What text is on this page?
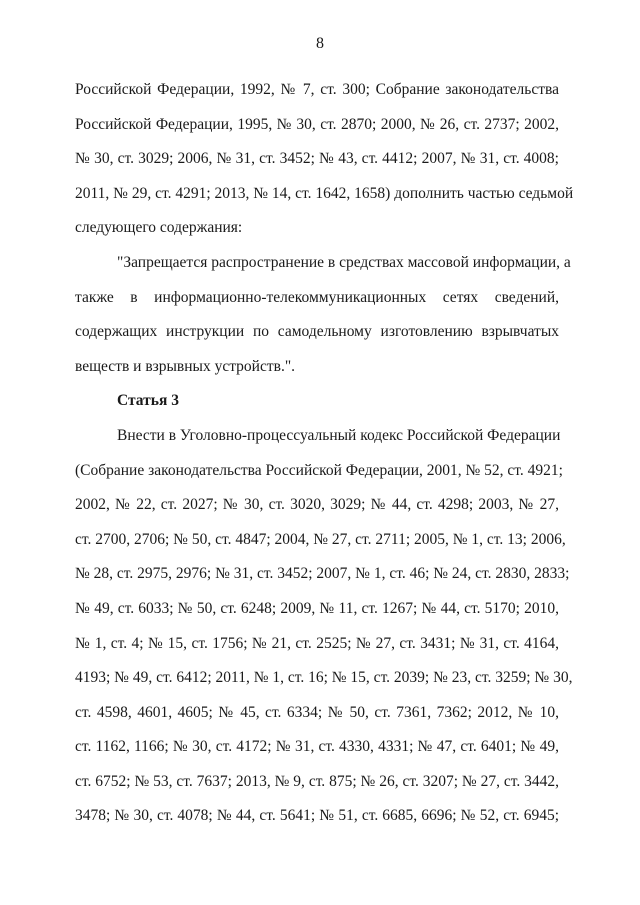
8
Российской Федерации, 1992, № 7, ст. 300; Собрание законодательства
Российской Федерации, 1995, № 30, ст. 2870; 2000, № 26, ст. 2737; 2002,
№ 30, ст. 3029; 2006, № 31, ст. 3452; № 43, ст. 4412; 2007, № 31, ст. 4008;
2011, № 29, ст. 4291; 2013, № 14, ст. 1642, 1658) дополнить частью седьмой
следующего содержания:
"Запрещается распространение в средствах массовой информации, а
также в информационно-телекоммуникационных сетях сведений,
содержащих инструкции по самодельному изготовлению взрывчатых
веществ и взрывных устройств.".
Статья 3
Внести в Уголовно-процессуальный кодекс Российской Федерации
(Собрание законодательства Российской Федерации, 2001, № 52, ст. 4921;
2002, № 22, ст. 2027; № 30, ст. 3020, 3029; № 44, ст. 4298; 2003, № 27,
ст. 2700, 2706; № 50, ст. 4847; 2004, № 27, ст. 2711; 2005, № 1, ст. 13; 2006,
№ 28, ст. 2975, 2976; № 31, ст. 3452; 2007, № 1, ст. 46; № 24, ст. 2830, 2833;
№ 49, ст. 6033; № 50, ст. 6248; 2009, № 11, ст. 1267; № 44, ст. 5170; 2010,
№ 1, ст. 4; № 15, ст. 1756; № 21, ст. 2525; № 27, ст. 3431; № 31, ст. 4164,
4193; № 49, ст. 6412; 2011, № 1, ст. 16; № 15, ст. 2039; № 23, ст. 3259; № 30,
ст. 4598, 4601, 4605; № 45, ст. 6334; № 50, ст. 7361, 7362; 2012, № 10,
ст. 1162, 1166; № 30, ст. 4172; № 31, ст. 4330, 4331; № 47, ст. 6401; № 49,
ст. 6752; № 53, ст. 7637; 2013, № 9, ст. 875; № 26, ст. 3207; № 27, ст. 3442,
3478; № 30, ст. 4078; № 44, ст. 5641; № 51, ст. 6685, 6696; № 52, ст. 6945;
